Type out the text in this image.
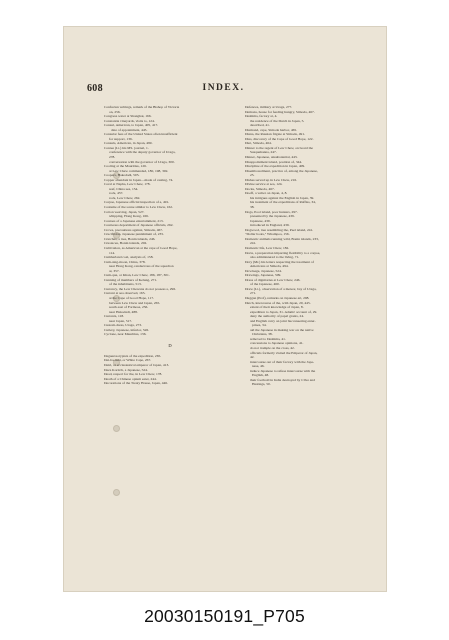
608	INDEX.
Confucian writings, remark of the Bishop of Victoria
on, 256.
Congress water at Shanghai, 166.
Constantia vineyards, visits to, 124.
Consul, American, to Japan, 405, 417.
date of appointment, 445.
Consular fees of the United States often insufficient
for support, 136.
Consuls, American, in Japan, 499.
Contee (Lt.) his MS. journal, 1.
conference with the deputy governor of Uraga,
278.
conversation with the governor of Uraga, 300.
Cooling at the Mauritius, 126.
at Lew Chew commanded, 180, 198, 302.
Coopers, Hakodadi, 505.
Copper abundant in Japan—made of casting, 74.
Coral at Napha, Lew Chew, 178.
reef, China sea, 154.
rock, 457.
rock, Lew Chew, 262.
Corpse, Japanese official inspection of a, 491.
Costume of the scene similar to Lew Chew, 162.
Cotton weaving, Japan, 527.
whipping, Hong Kong, 166.
Courses of a Japanese entertainment, 213.
Courteous deportment of Japanese officials, 262.
Crows, precautions against, Simoda, 467.
Crucifixion, Japanese punishment of, 235.
Crutches, a tree, Bonin islands, 246.
Crustacea, Bonin islands, 202.
Cultivation, as American at the cape of Good Hope,
114.
Cumberland coal, analysis of, 158.
Cum-sing-moon, China, 378.
near Hong Kong, rendezvous of the squadron
at, 357.
Cum-qua, or Khan, Lew Chew, 186, 187, 301.
Cunning of members of Kelung, 271.
of the inhabitants, 513.
Currency, the Lew Chewans do not possess a, 296.
Current at sea observed, 165.
at the Cape of Good Hope, 117.
between Lew Chew and Japan, 265.
south east of Formosa, 256.
near Hakodadi, 488.
Currents, 118.
near Japan, 517.
Custom-dress, Uraga, 273.
Cutlery, Japanese, inferior, 526.
Cyclone, near Mauritius, 136.
D
Daguerreotypists of the expedition, 265.
Dai-ba-nshi, or White Cape, 267.
Dairi, or ecclesiastical emperor of Japan, 413.
Daza Koritch, a Japanese, 524.
Dead, respect for the, in Lew Chew, 178.
Death of a Chinese opium eater, 244.
Decorations of the Treaty House, Japan, 446.
Defences, military at Uraga, 277.
Demons, house for feeding hungry, Simoda, 467.
Deshima, factory at, 4.
the residence of the Dutch in Japan, 5.
described, 41.
Diamond, cape, Simoda harbor, 465.
Diana, the Russian frigate at Simoda, 491.
Dias, discovery of the Cape of Good Hope, 122.
Diet, Simoda, 464.
Dinner to the regent of Lew Chew, on board the
Susquehanna, 247.
Dinner, Japanese, unsubstantial, 443.
Disappointment island, position of, 344.
Discipline of the expedition in Japan, 409.
Disembowelment, practice of, among the Japanese,
25.
Dishes served up in Lew Chew, 216.
Divine service at sea, 124.
Docks, Simoda, 467.
Doeff, a writer on Japan, 4, 8.
his intrigues against the English in Japan, 39.
his treatment of the expeditions of Raffles, 34,
38.
Dogs, Pool island, poor hunters, 297.
presented by the Japanese, 439.
Japanese, 439.
introduced in England, 439.
Dogwood, tree resembling the, Peel island, 241.
"Dollar boats," Whampoa, 156.
Domestic animals running wild, Bonin islands, 233,
241.
Domestic life, Lew Chew, 182.
Doria, a preparation imparting flexibility to a corpse,
also administered to the living, 71.
Doty (Mr.) his letters respecting the treatment of
Americans at Simoda, 494.
Dowlaage, Japanese, 524.
Drawings, Japanese, 509.
Dress of dignitaries at Lew Chew, 246.
of the Japanese, 460.
Drew (Lt.), observation of a meteor, bay of Uraga,
271.
Duggan (Prof), remarks on Japanese art, 298.
Dutch, intercourse of the, with Japan, 20, 445.
extent of their knowledge of Japan, 8.
expedition to Japan, 31. Adams' account of, 29.
deny the authority of papal grants, 24.
and English carry on joint buccaneering enter-
prises, 34.
aid the Japanese in making war on the native
Christians, 38.
removed to Deshima, 41.
concessions to Japanese opinions, 41.
do not trample on the cross, 42.
officials formerly visited the Emperor of Japan,
42.
intercourse out of their factory with the Japa-
nese, 46.
induce Japanese to refuse intercourse with the
English, 48.
their foothold in India destroyed by Clive and
Hastings, 50.
20030150191_P705
